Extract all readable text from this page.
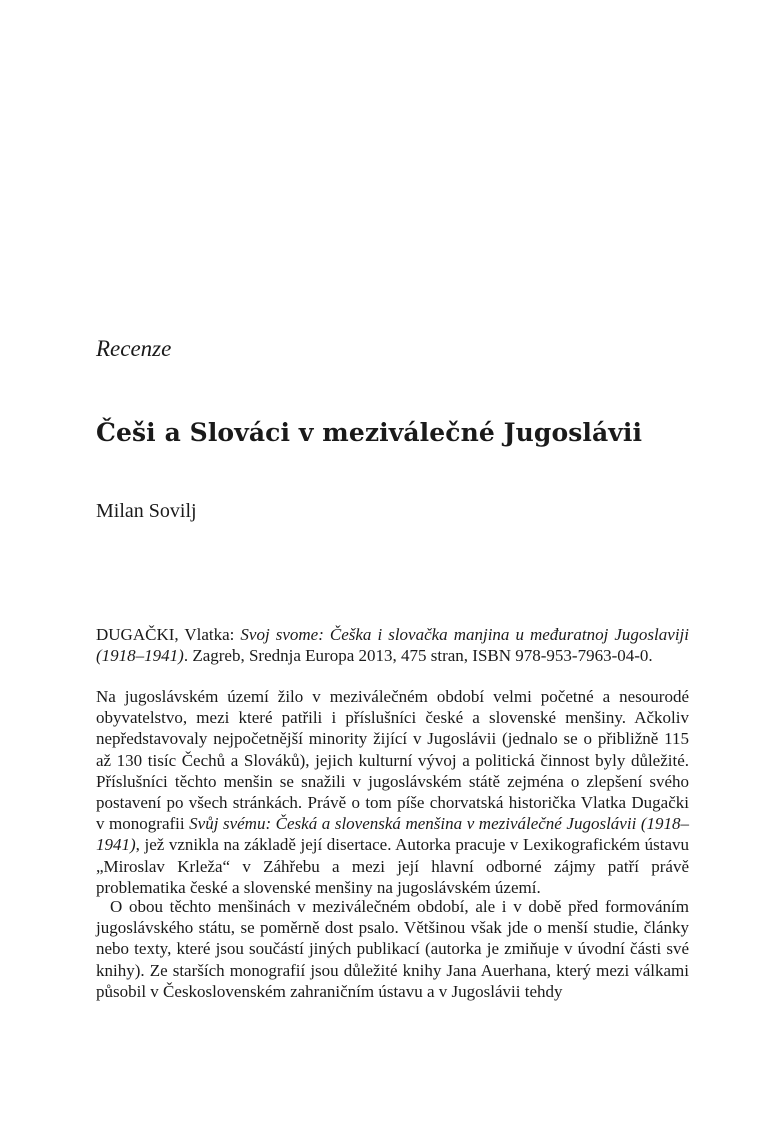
Recenze
Češi a Slováci v meziválečné Jugoslávii
Milan Sovilj
DUGAČKI, Vlatka: Svoj svome: Češka i slovačka manjina u međuratnoj Jugoslaviji (1918–1941). Zagreb, Srednja Europa 2013, 475 stran, ISBN 978-953-7963-04-0.

Na jugoslávském území žilo v meziválečném období velmi početné a nesourodé obyvatelstvo, mezi které patřili i příslušníci české a slovenské menšiny. Ačkoliv nepředstavovaly nejpočetnější minority žijící v Jugoslávii (jednalo se o přibližně 115 až 130 tisíc Čechů a Slováků), jejich kulturní vývoj a politická činnost byly důležité. Příslušníci těchto menšin se snažili v jugoslávském státě zejména o zlepšení svého postavení po všech stránkách. Právě o tom píše chorvatská historička Vlatka Dugački v monografii Svůj svému: Česká a slovenská menšina v meziválečné Jugoslávii (1918–1941), jež vznikla na základě její disertace. Autorka pracuje v Lexikografickém ústavu „Miroslav Krleža“ v Záhřebu a mezi její hlavní odborné zájmy patří právě problematika české a slovenské menšiny na jugoslávském území.

O obou těchto menšinách v meziválečném období, ale i v době před formováním jugoslávského státu, se poměrně dost psalo. Většinou však jde o menší studie, články nebo texty, které jsou součástí jiných publikací (autorka je zmiňuje v úvodní části své knihy). Ze starších monografií jsou důležité knihy Jana Auerhana, který mezi válkami působil v Československém zahraničním ústavu a v Jugoslávii tehdy
